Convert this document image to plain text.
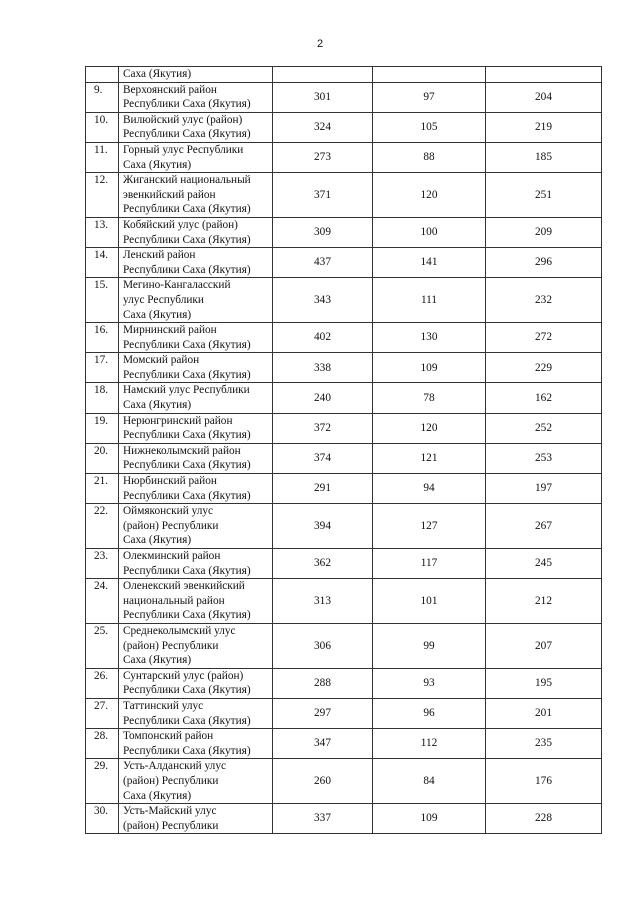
2
	Саха (Якутия)			
9.	Верхоянский район
Республики Саха (Якутия)	301	97	204
10.	Вилюйский улус (район)
Республики Саха (Якутия)	324	105	219
11.	Горный улус Республики
Саха (Якутия)	273	88	185
12.	Жиганский национальный
эвенкийский район
Республики Саха (Якутия)	371	120	251
13.	Кобяйский улус (район)
Республики Саха (Якутия)	309	100	209
14.	Ленский район
Республики Саха (Якутия)	437	141	296
15.	Мегино-Кангаласский
улус Республики
Саха (Якутия)	343	111	232
16.	Мирнинский район
Республики Саха (Якутия)	402	130	272
17.	Момский район
Республики Саха (Якутия)	338	109	229
18.	Намский улус Республики
Саха (Якутия)	240	78	162
19.	Нерюнгринский район
Республики Саха (Якутия)	372	120	252
20.	Нижнеколымский район
Республики Саха (Якутия)	374	121	253
21.	Нюрбинский район
Республики Саха (Якутия)	291	94	197
22.	Оймяконский улус
(район) Республики
Саха (Якутия)	394	127	267
23.	Олекминский район
Республики Саха (Якутия)	362	117	245
24.	Оленекский эвенкийский
национальный район
Республики Саха (Якутия)	313	101	212
25.	Среднеколымский улус
(район) Республики
Саха (Якутия)	306	99	207
26.	Сунтарский улус (район)
Республики Саха (Якутия)	288	93	195
27.	Таттинский улус
Республики Саха (Якутия)	297	96	201
28.	Томпонский район
Республики Саха (Якутия)	347	112	235
29.	Усть-Алданский улус
(район) Республики
Саха (Якутия)	260	84	176
30.	Усть-Майский улус
(район) Республики	337	109	228
